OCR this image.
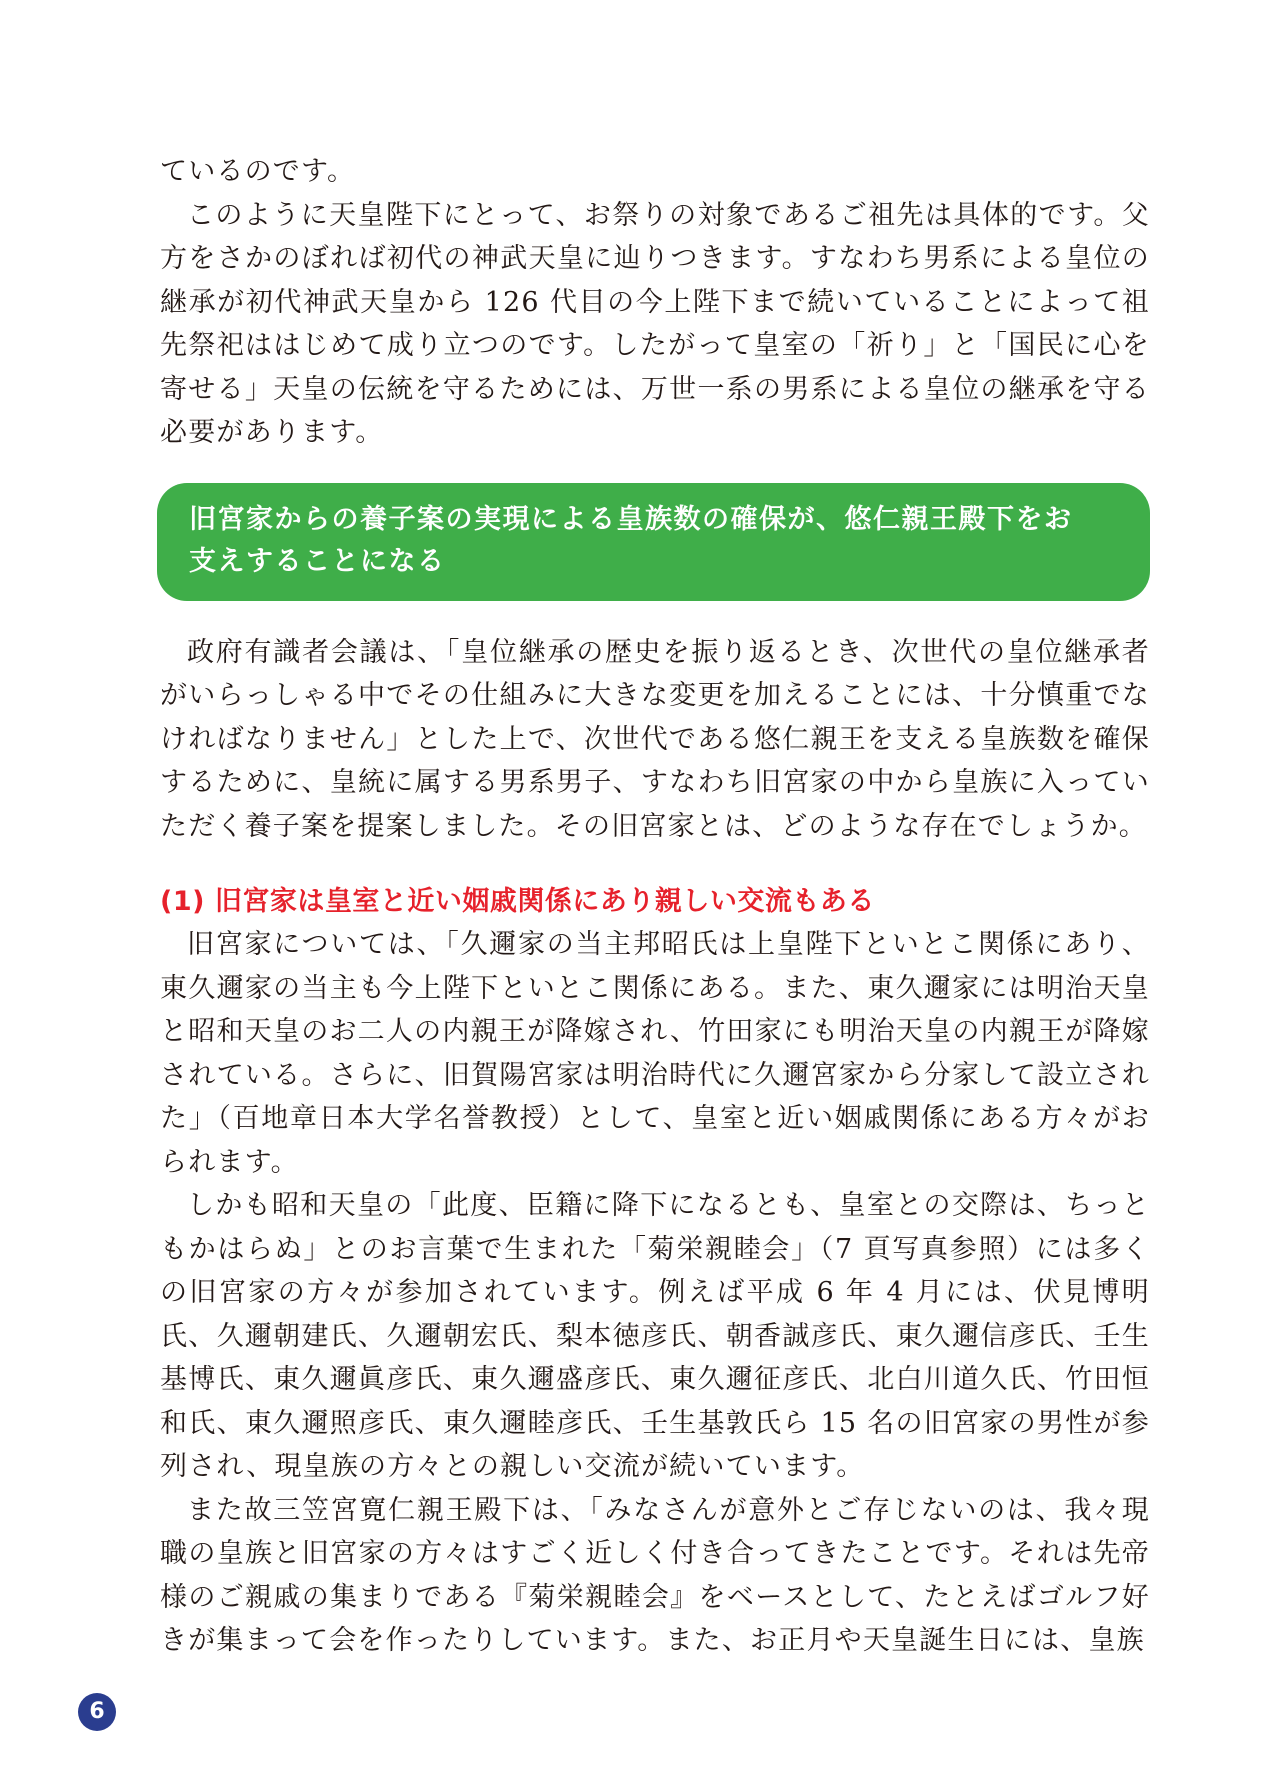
ているのです。

このように天皇陛下にとって、お祭りの対象であるご祖先は具体的です。父方をさかのぼれば初代の神武天皇に辿りつきます。すなわち男系による皇位の継承が初代神武天皇から 126 代目の今上陛下まで続いていることによって祖先祭祀ははじめて成り立つのです。したがって皇室の「祈り」と「国民に心を寄せる」天皇の伝統を守るためには、万世一系の男系による皇位の継承を守る必要があります。

旧宮家からの養子案の実現による皇族数の確保が、悠仁親王殿下をお
支えすることになる

政府有識者会議は、「皇位継承の歴史を振り返るとき、次世代の皇位継承者がいらっしゃる中でその仕組みに大きな変更を加えることには、十分慎重でなければなりません」とした上で、次世代である悠仁親王を支える皇族数を確保するために、皇統に属する男系男子、すなわち旧宮家の中から皇族に入っていただく養子案を提案しました。その旧宮家とは、どのような存在でしょうか。

(1) 旧宮家は皇室と近い姻戚関係にあり親しい交流もある

旧宮家については、「久邇家の当主邦昭氏は上皇陛下といとこ関係にあり、東久邇家の当主も今上陛下といとこ関係にある。また、東久邇家には明治天皇と昭和天皇のお二人の内親王が降嫁され、竹田家にも明治天皇の内親王が降嫁されている。さらに、旧賀陽宮家は明治時代に久邇宮家から分家して設立された」（百地章日本大学名誉教授）として、皇室と近い姻戚関係にある方々がおられます。

しかも昭和天皇の「此度、臣籍に降下になるとも、皇室との交際は、ちっともかはらぬ」とのお言葉で生まれた「菊栄親睦会」（7 頁写真参照）には多くの旧宮家の方々が参加されています。例えば平成 6 年 4 月には、伏見博明氏、久邇朝建氏、久邇朝宏氏、梨本徳彦氏、朝香誠彦氏、東久邇信彦氏、壬生基博氏、東久邇眞彦氏、東久邇盛彦氏、東久邇征彦氏、北白川道久氏、竹田恒和氏、東久邇照彦氏、東久邇睦彦氏、壬生基敦氏ら 15 名の旧宮家の男性が参列され、現皇族の方々との親しい交流が続いています。

また故三笠宮寛仁親王殿下は、「みなさんが意外とご存じないのは、我々現職の皇族と旧宮家の方々はすごく近しく付き合ってきたことです。それは先帝様のご親戚の集まりである『菊栄親睦会』をベースとして、たとえばゴルフ好きが集まって会を作ったりしています。また、お正月や天皇誕生日には、皇族

6
